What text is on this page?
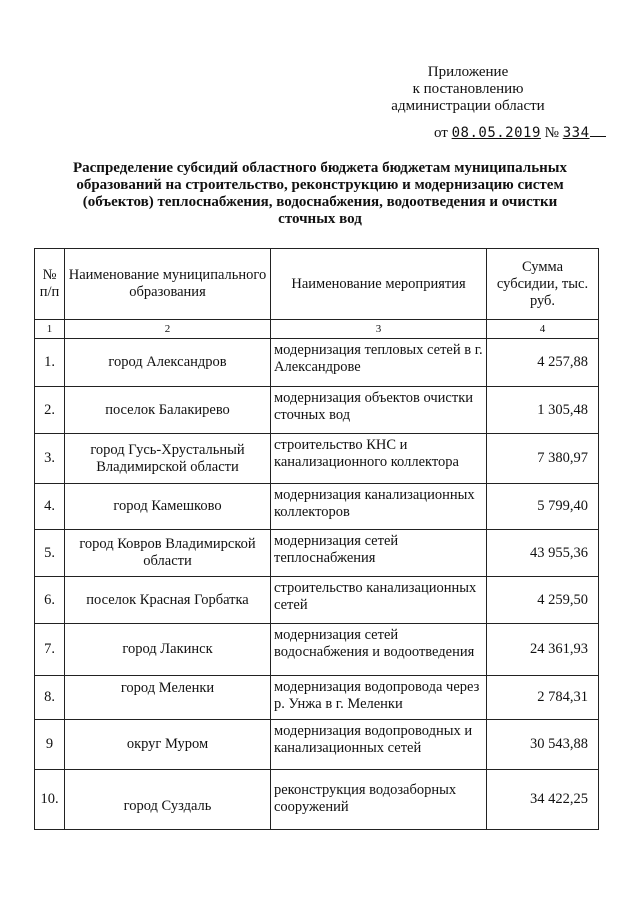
Приложение
к постановлению
администрации области
от 08.05.2019 № 334
Распределение субсидий областного бюджета бюджетам муниципальных образований на строительство, реконструкцию и модернизацию систем (объектов) теплоснабжения, водоснабжения, водоотведения и очистки сточных вод
№ п/п	Наименование муниципального образования	Наименование мероприятия	Сумма субсидии, тыс. руб.
1	2	3	4
1.	город Александров	модернизация тепловых сетей в г. Александрове	4 257,88
2.	поселок Балакирево	модернизация объектов очистки сточных вод	1 305,48
3.	город Гусь-Хрустальный Владимирской области	строительство КНС и канализационного коллектора	7 380,97
4.	город Камешково	модернизация канализационных коллекторов	5 799,40
5.	город Ковров Владимирской области	модернизация сетей теплоснабжения	43 955,36
6.	поселок Красная Горбатка	строительство канализационных сетей	4 259,50
7.	город Лакинск	модернизация сетей водоснабжения и водоотведения	24 361,93
8.	город Меленки	модернизация водопровода через р. Унжа в г. Меленки	2 784,31
9	округ Муром	модернизация водопроводных и канализационных сетей	30 543,88
10.	город Суздаль	реконструкция водозаборных сооружений	34 422,25
